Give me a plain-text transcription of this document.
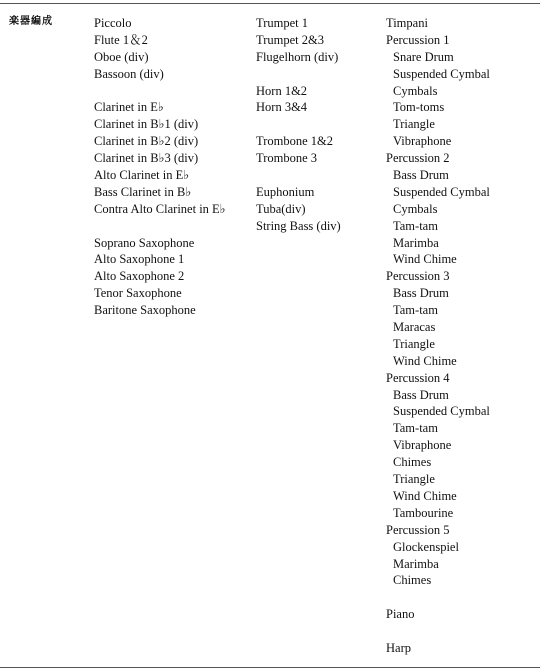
楽器編成	Piccolo
Flute 1＆2
Oboe (div)
Bassoon (div)
Clarinet in E♭
Clarinet in B♭1 (div)
Clarinet in B♭2 (div)
Clarinet in B♭3 (div)
Alto Clarinet in E♭
Bass Clarinet in B♭
Contra Alto Clarinet in E♭
Soprano Saxophone
Alto Saxophone 1
Alto Saxophone 2
Tenor Saxophone
Baritone Saxophone
Trumpet 1
Trumpet 2&3
Flugelhorn (div)
Horn 1&2
Horn 3&4
Trombone 1&2
Trombone 3
Euphonium
Tuba(div)
String Bass (div)
Timpani
Percussion 1
Snare Drum
Suspended Cymbal
Cymbals
Tom-toms
Triangle
Vibraphone
Percussion 2
Bass Drum
Suspended Cymbal
Cymbals
Tam-tam
Marimba
Wind Chime
Percussion 3
Bass Drum
Tam-tam
Maracas
Triangle
Wind Chime
Percussion 4
Bass Drum
Suspended Cymbal
Tam-tam
Vibraphone
Chimes
Triangle
Wind Chime
Tambourine
Percussion 5
Glockenspiel
Marimba
Chimes
Piano
Harp
